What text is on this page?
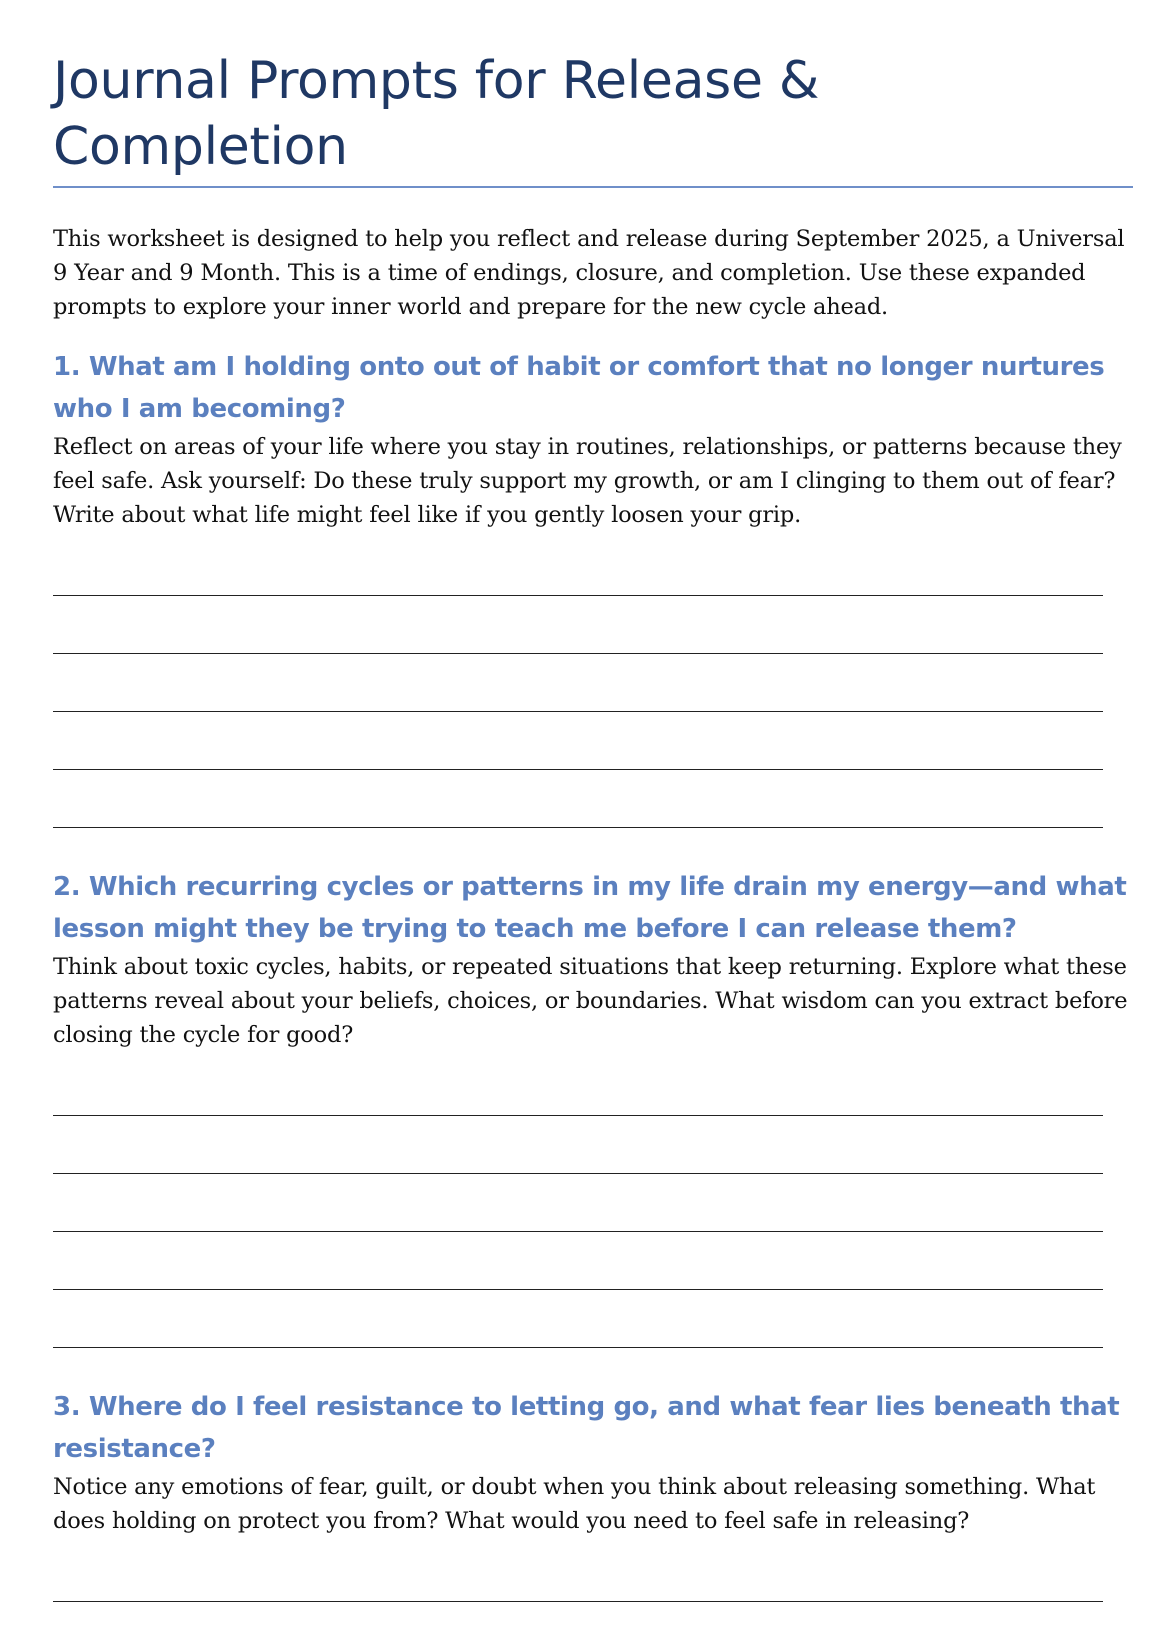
Journal Prompts for Release &
Completion

This worksheet is designed to help you reflect and release during September 2025, a Universal 9 Year and 9 Month. This is a time of endings, closure, and completion. Use these expanded prompts to explore your inner world and prepare for the new cycle ahead.

1. What am I holding onto out of habit or comfort that no longer nurtures who I am becoming?

Reflect on areas of your life where you stay in routines, relationships, or patterns because they feel safe. Ask yourself: Do these truly support my growth, or am I clinging to them out of fear? Write about what life might feel like if you gently loosen your grip.

2. Which recurring cycles or patterns in my life drain my energy—and what lesson might they be trying to teach me before I can release them?

Think about toxic cycles, habits, or repeated situations that keep returning. Explore what these patterns reveal about your beliefs, choices, or boundaries. What wisdom can you extract before closing the cycle for good?

3. Where do I feel resistance to letting go, and what fear lies beneath that resistance?

Notice any emotions of fear, guilt, or doubt when you think about releasing something. What does holding on protect you from? What would you need to feel safe in releasing?
